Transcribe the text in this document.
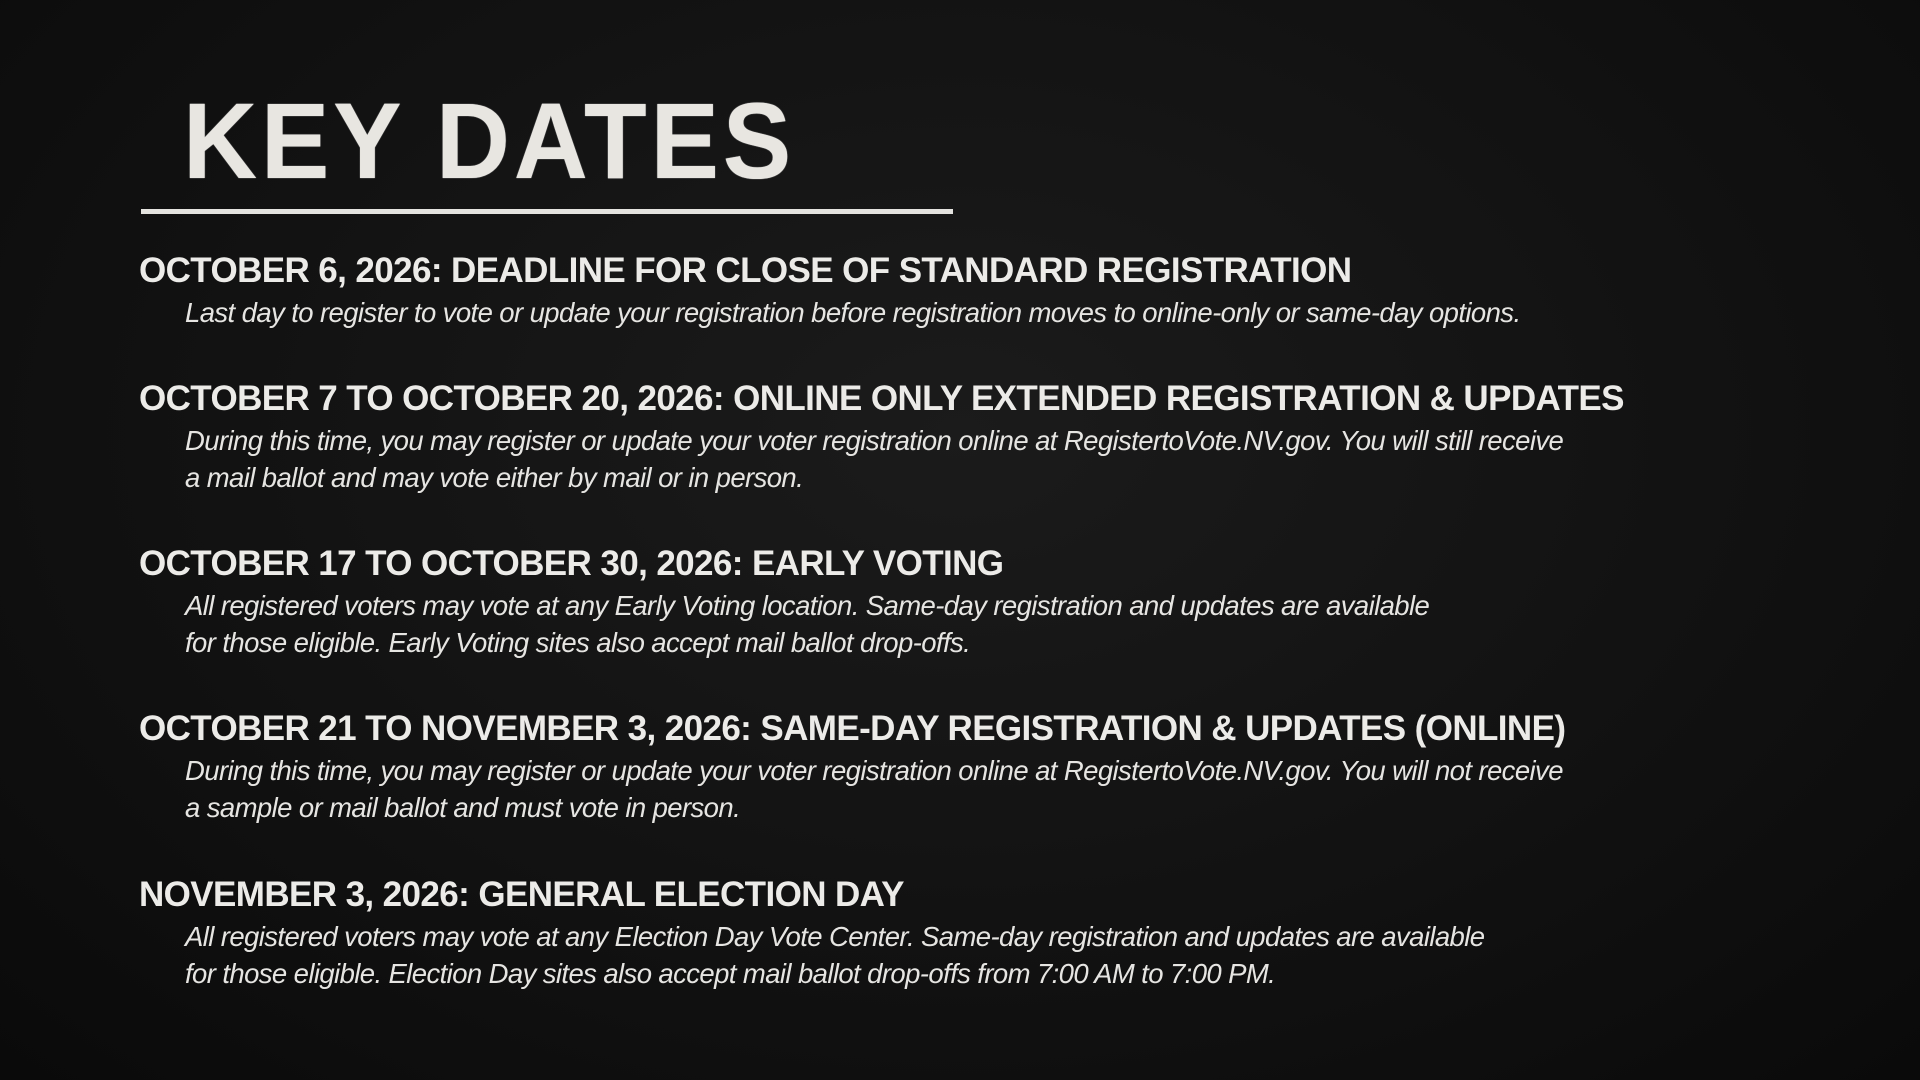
KEY DATES
OCTOBER 6, 2026: DEADLINE FOR CLOSE OF STANDARD REGISTRATION
Last day to register to vote or update your registration before registration moves to online-only or same-day options.
OCTOBER 7 TO OCTOBER 20, 2026: ONLINE ONLY EXTENDED REGISTRATION & UPDATES
During this time, you may register or update your voter registration online at RegistertoVote.NV.gov. You will still receive
a mail ballot and may vote either by mail or in person.
OCTOBER 17 TO OCTOBER 30, 2026: EARLY VOTING
All registered voters may vote at any Early Voting location. Same-day registration and updates are available
for those eligible. Early Voting sites also accept mail ballot drop-offs.
OCTOBER 21 TO NOVEMBER 3, 2026: SAME-DAY REGISTRATION & UPDATES (ONLINE)
During this time, you may register or update your voter registration online at RegistertoVote.NV.gov. You will not receive
a sample or mail ballot and must vote in person.
NOVEMBER 3, 2026: GENERAL ELECTION DAY
All registered voters may vote at any Election Day Vote Center. Same-day registration and updates are available
for those eligible. Election Day sites also accept mail ballot drop-offs from 7:00 AM to 7:00 PM.
